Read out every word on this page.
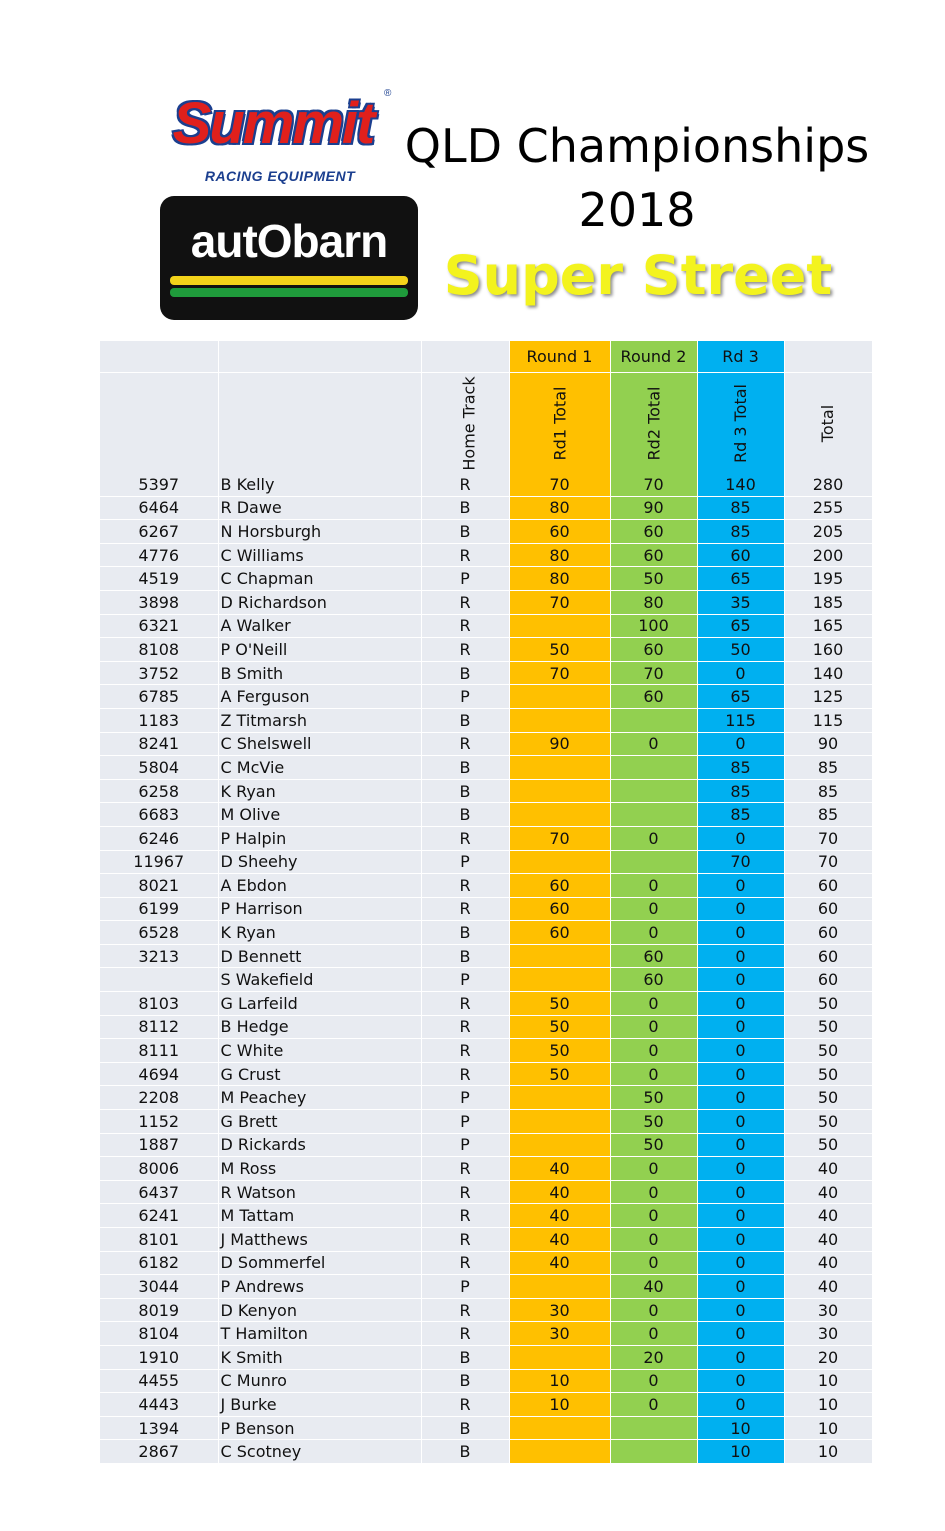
Summit	®
RACING EQUIPMENT
autObarn
QLD Championships
2018
Super Street
			Round 1	Round 2	Rd 3	
		Home Track	Rd1 Total	Rd2 Total	Rd 3 Total	Total
5397	B Kelly	R	70	70	140	280
6464	R Dawe	B	80	90	85	255
6267	N Horsburgh	B	60	60	85	205
4776	C Williams	R	80	60	60	200
4519	C Chapman	P	80	50	65	195
3898	D Richardson	R	70	80	35	185
6321	A Walker	R		100	65	165
8108	P O'Neill	R	50	60	50	160
3752	B Smith	B	70	70	0	140
6785	A Ferguson	P		60	65	125
1183	Z Titmarsh	B			115	115
8241	C Shelswell	R	90	0	0	90
5804	C McVie	B			85	85
6258	K Ryan	B			85	85
6683	M Olive	B			85	85
6246	P Halpin	R	70	0	0	70
11967	D Sheehy	P			70	70
8021	A Ebdon	R	60	0	0	60
6199	P Harrison	R	60	0	0	60
6528	K Ryan	B	60	0	0	60
3213	D Bennett	B		60	0	60
	S Wakefield	P		60	0	60
8103	G Larfeild	R	50	0	0	50
8112	B Hedge	R	50	0	0	50
8111	C White	R	50	0	0	50
4694	G Crust	R	50	0	0	50
2208	M Peachey	P		50	0	50
1152	G Brett	P		50	0	50
1887	D Rickards	P		50	0	50
8006	M Ross	R	40	0	0	40
6437	R Watson	R	40	0	0	40
6241	M Tattam	R	40	0	0	40
8101	J Matthews	R	40	0	0	40
6182	D Sommerfel	R	40	0	0	40
3044	P Andrews	P		40	0	40
8019	D Kenyon	R	30	0	0	30
8104	T Hamilton	R	30	0	0	30
1910	K Smith	B		20	0	20
4455	C Munro	B	10	0	0	10
4443	J Burke	R	10	0	0	10
1394	P Benson	B			10	10
2867	C Scotney	B			10	10
